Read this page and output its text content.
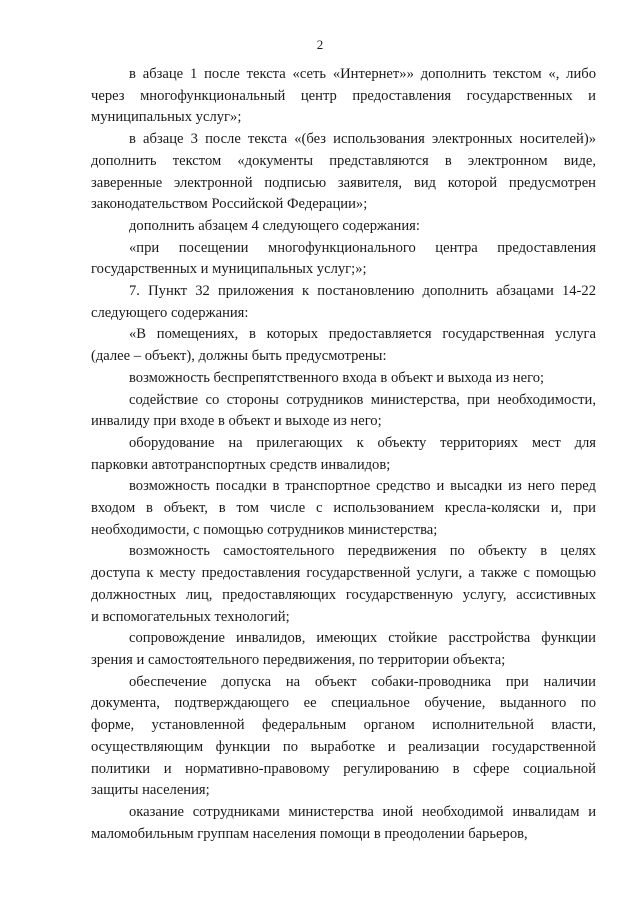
2
в абзаце 1 после текста «сеть «Интернет»» дополнить текстом «, либо
через многофункциональный центр предоставления государственных и
муниципальных услуг»;
в абзаце 3 после текста «(без использования электронных носителей)»
дополнить текстом «документы представляются в электронном виде,
заверенные электронной подписью заявителя, вид которой предусмотрен
законодательством Российской Федерации»;
дополнить абзацем 4 следующего содержания:
«при посещении многофункционального центра предоставления
государственных и муниципальных услуг;»;
7. Пункт 32 приложения к постановлению дополнить абзацами 14-22
следующего содержания:
«В помещениях, в которых предоставляется государственная услуга
(далее – объект), должны быть предусмотрены:
возможность беспрепятственного входа в объект и выхода из него;
содействие со стороны сотрудников министерства, при необходимости,
инвалиду при входе в объект и выходе из него;
оборудование на прилегающих к объекту территориях мест для
парковки автотранспортных средств инвалидов;
возможность посадки в транспортное средство и высадки из него перед
входом в объект, в том числе с использованием кресла-коляски и, при
необходимости, с помощью сотрудников министерства;
возможность самостоятельного передвижения по объекту в целях
доступа к месту предоставления государственной услуги, а также с помощью
должностных лиц, предоставляющих государственную услугу, ассистивных
и вспомогательных технологий;
сопровождение инвалидов, имеющих стойкие расстройства функции
зрения и самостоятельного передвижения, по территории объекта;
обеспечение допуска на объект собаки-проводника при наличии
документа, подтверждающего ее специальное обучение, выданного по
форме, установленной федеральным органом исполнительной власти,
осуществляющим функции по выработке и реализации государственной
политики и нормативно-правовому регулированию в сфере социальной
защиты населения;
оказание сотрудниками министерства иной необходимой инвалидам и
маломобильным группам населения помощи в преодолении барьеров,
